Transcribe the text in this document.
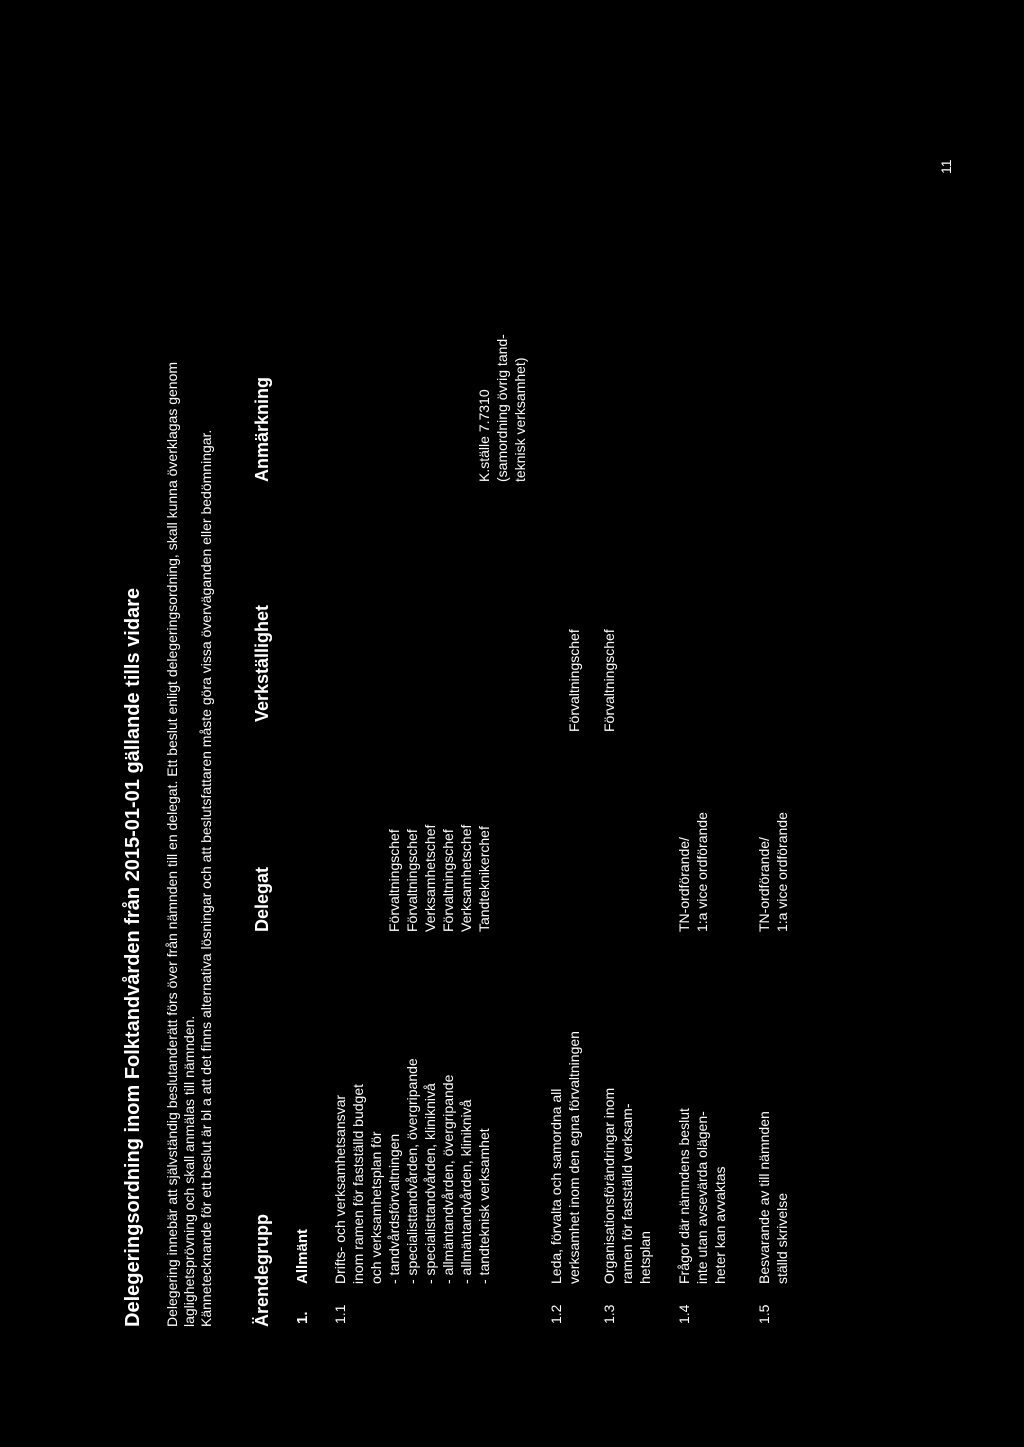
Delegeringsordning inom Folktandvården från 2015-01-01 gällande tills vidare Delegering innebär att självständig beslutanderätt förs över från nämnden till en delegat. Ett beslut enligt delegeringsordning, skall kunna överklagas genom laglighetsprövning och skall anmälas till nämnden. Kännetecknande för ett beslut är bl a att det finns alternativa lösningar och att beslutsfattaren måste göra vissa överväganden eller bedömningar. Ärendegrupp
Delegat
Verkställighet
Anmärkning
1.
Allmänt
1.1
Drifts- och verksamhetsansvar inom ramen för fastställd budget och verksamhetsplan för - tandvårdsförvaltningen - specialisttandvården, övergripande - specialisttandvården, kliniknivå - allmäntandvården, övergripande - allmäntandvården, kliniknivå - tandteknisk verksamhet
Förvaltningschef Förvaltningschef Verksamhetschef Förvaltningschef Verksamhetschef Tandteknikerchef
K.ställe 7.7310 (samordning övrig tand- teknisk verksamhet)
1.2
Leda, förvalta och samordna all verksamhet inom den egna förvaltningen
Förvaltningschef
1.3
Organisationsförändringar inom ramen för fastställd verksam- hetsplan
Förvaltningschef
1.4
Frågor där nämndens beslut inte utan avsevärda olägen- heter kan avvaktas
TN-ordförande/ 1:a vice ordförande
1.5
Besvarande av till nämnden ställd skrivelse
TN-ordförande/ 1:a vice ordförande
11
